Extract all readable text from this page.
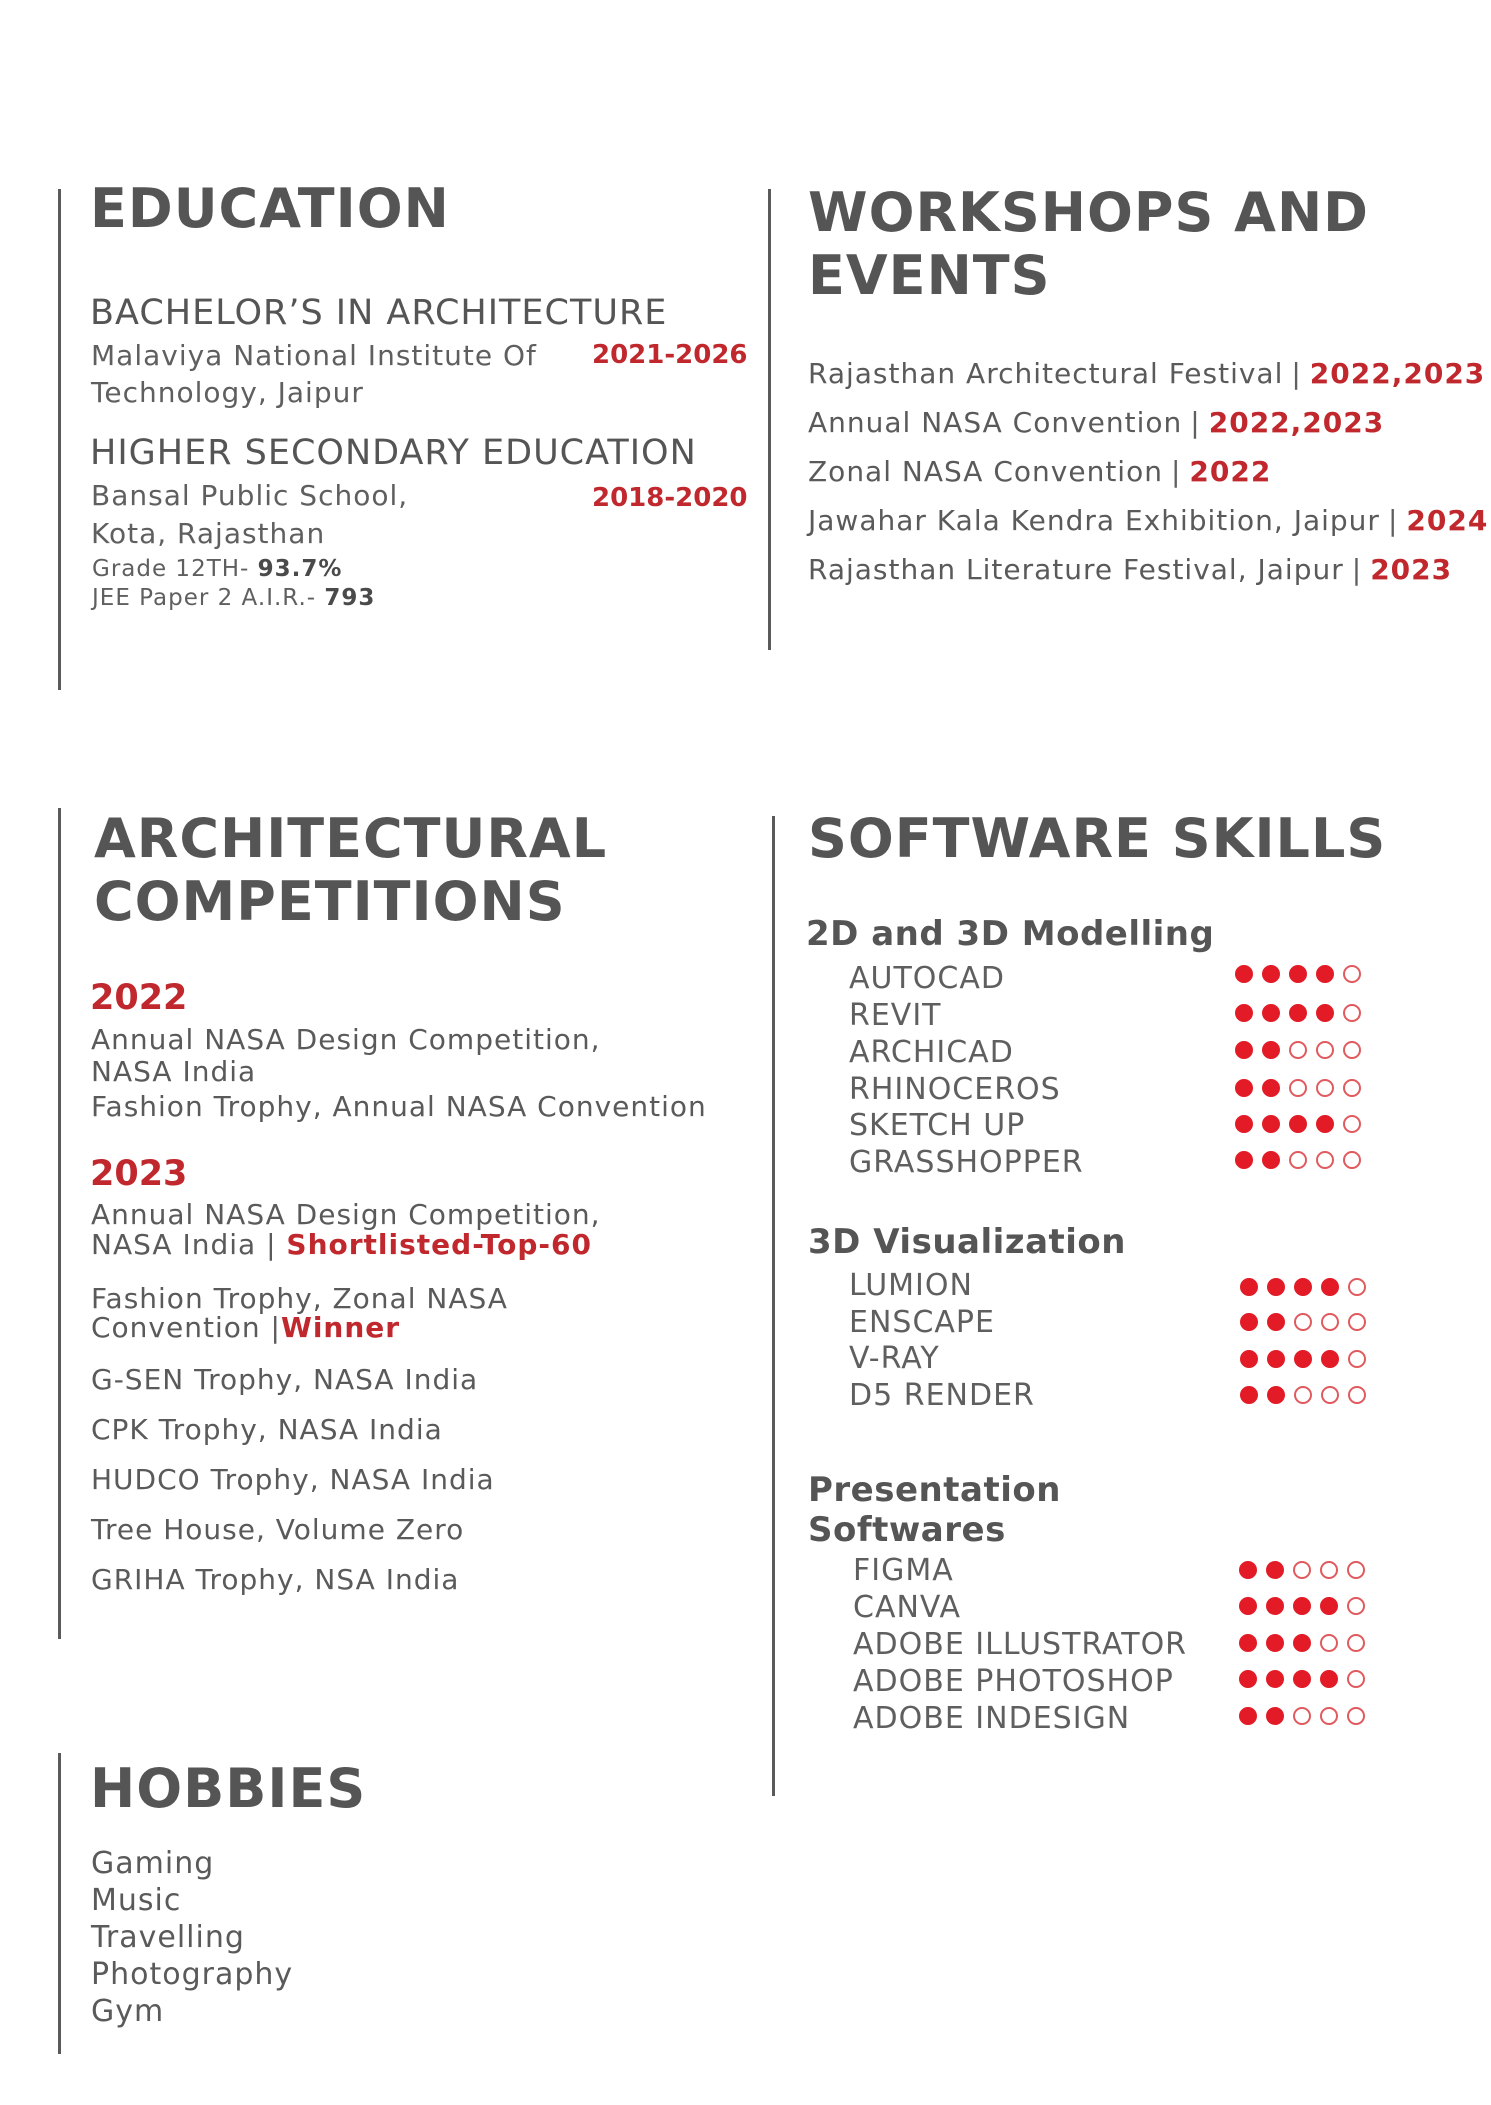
EDUCATION
BACHELOR’S IN ARCHITECTURE
Malaviya National Institute Of
Technology, Jaipur
2021-2026
HIGHER SECONDARY EDUCATION
Bansal Public School,
Kota, Rajasthan
2018-2020
Grade 12TH- 93.7%
JEE Paper 2 A.I.R.- 793
WORKSHOPS AND
EVENTS
Rajasthan Architectural Festival | 2022,2023
Annual NASA Convention | 2022,2023
Zonal NASA Convention | 2022
Jawahar Kala Kendra Exhibition, Jaipur | 2024
Rajasthan Literature Festival, Jaipur | 2023
ARCHITECTURAL
COMPETITIONS
2022
Annual NASA Design Competition,
NASA India
Fashion Trophy, Annual NASA Convention
2023
Annual NASA Design Competition,
NASA India | Shortlisted-Top-60
Fashion Trophy, Zonal NASA
Convention |Winner
G-SEN Trophy, NASA India
CPK Trophy, NASA India
HUDCO Trophy, NASA India
Tree House, Volume Zero
GRIHA Trophy, NSA India
HOBBIES
Gaming
Music
Travelling
Photography
Gym
SOFTWARE SKILLS
2D and 3D Modelling
AUTOCAD
REVIT
ARCHICAD
RHINOCEROS
SKETCH UP
GRASSHOPPER
3D Visualization
LUMION
ENSCAPE
V-RAY
D5 RENDER
Presentation
Softwares
FIGMA
CANVA
ADOBE ILLUSTRATOR
ADOBE PHOTOSHOP
ADOBE INDESIGN
